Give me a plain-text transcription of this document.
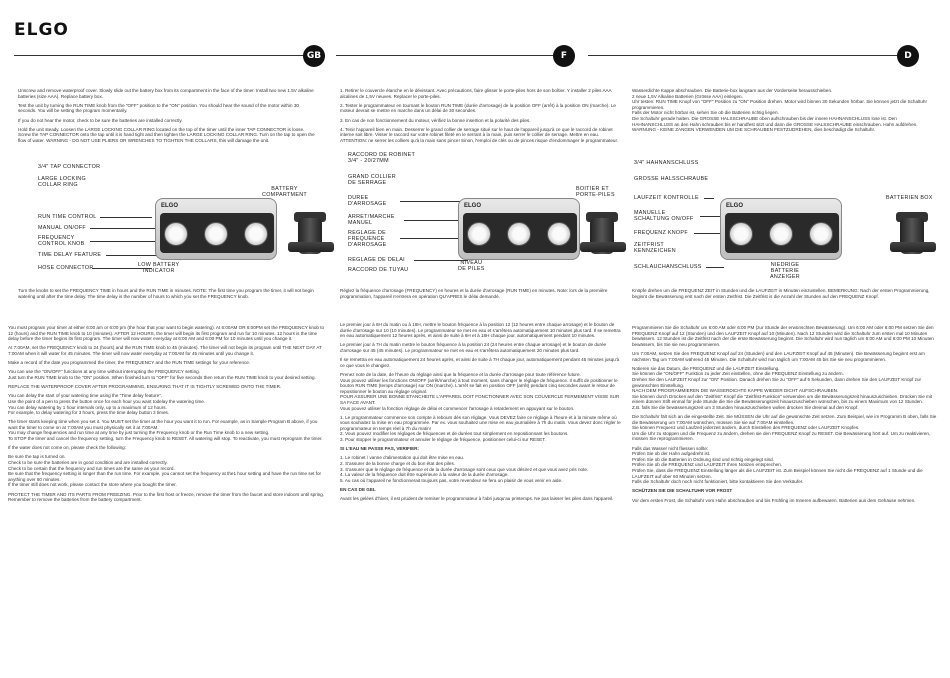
ELGO
GB	F	D

Unscrew and remove waterproof cover. Slowly slide out the battery box from its compartment in the face of the timer. Install two new 1.5V alkaline batteries (size AAA). Replace battery box.

Test the unit by turning the RUN TIME knob from the "OFF" position to the "ON" position. You should hear the sound of the motor within 30 seconds. You will be setting the program momentarily.

If you do not hear the motor, check to be sure the batteries are installed correctly.

Hold the unit steady. Loosen the LARGE LOCKING COLLAR RING located on the top of the timer until the inner TAP CONNECTOR is loose. Screw the TAP CONNECTOR onto the tap until it is hand tight and then tighten the LARGE LOCKING COLLAR RING. Turn on the tap to open the flow of water. WARNING - DO NOT USE PLIERS OR WRENCHES TO TIGHTEN THE COLLARS, this will damage the unit.

3/4" TAP CONNECTOR
LARGE LOCKING
COLLAR RING
BATTERY
COMPARTMENT
RUN TIME CONTROL
MANUAL ON/OFF
FREQUENCY
CONTROL KNOB
TIME DELAY FEATURE
HOSE CONNECTOR	LOW BATTERY
INDICATOR
ELGO
Turn the knobs to set the FREQUENCY TIME in hours and the RUN TIME in minutes. NOTE: The first time you program the timer, it will not begin watering until after the time delay. The time delay is the number of hours to which you set the FREQUENCY knob.

You must program your timer at either 6:00 am or 6:00 pm (the hour that your want to begin watering). At 6:00AM OR 6:00PM set the FREQUENCY knob to 12 (hours) and the RUN TIME knob to 10 (minutes). AFTER 12 HOURS, the timer will begin its first program and run for 10 minutes. 12 hours is the time delay before the timer begins its first program. The timer will now water everyday at 6:00 AM and 6:00 PM for 10 minutes until you change it.

At 7:00AM, set the FREQUENCY knob to 24 (hours) and the RUN TIME knob to 45 (minutes). The timer will not begin its program until THE NEXT DAY AT 7:00AM when it will water for 45 minutes. The timer will now water everyday at 7:00AM for 45 minutes until you change it.

Make a record of the date you programmed the timer, the FREQUENCY and the RUN TIME settings for your reference.

You can use the "ON/OFF" functions at any time without interrupting the FREQUENCY setting.
Just turn the RUN TIME knob to the "ON" position. When finished turn to "OFF" for five seconds then return the RUN TIME knob to your desired setting.

REPLACE THE WATERPROOF COVER AFTER PROGRAMMING, ENSURING THAT IT IS TIGHTLY SCREWED ONTO THE TIMER.

You can delay the start of your watering time using the "Time delay feature".
Use the point of a pen to press the button once for each hour you want todelay the watering time.
You can delay watering by 1 hour intervals only, up to a maximum of 12 hours.
For example, to delay watering for 3 hours, press the time delay button 3 times.

The timer starts keeping time when you set it. You MUST set the timer at the hour you want it to run. For example, as in Sample Program B above, if you want the timer to come on at 7:00AM you must physically set it at 7:00AM.
You may change frequencies and run time at any time by just turning the Frequency knob or the Run Time knob to a new setting.
To STOP the timer and cancel the frequency setting, turn the Frequency knob to RESET. All watering will stop. To reactivate, you must reprogram the timer.

If the water does not come on, please check the following:

Be sure the tap is turned on.
Check to be sure the batteries are in good condition and are installed correctly.
Check to be certain that the frequency and run times are the same as your record.
Be sure that the frequency setting is longer than the run time. For example, you cannot set the frequency at the1 hour setting and have the run time set for anything over 60 minutes.
If the timer still does not work, please contact the store where you bought the timer.

PROTECT THE TIMER AND ITS PARTS FROM FREEZING. Prior to the first frost or freeze, remove the timer from the faucet and store indoors until spring. Remember to remove the batteries from the battery compartment.

1. Retirer le couvercle étanche en le dévissant. Avec précautions, faire glisser le porte-piles hors de son boîtier. Y installer 2 piles AAA alcalines de 1,5V neuves. Replacer le porte-piles.

2. Tester le programmateur en tournant le bouton RUN TIME (durée d'arrosage) de la position OFF (arrêt) à la position ON (marche). Le moteur devrait se mettre en marche dans un délai de 30 secondes.

3. En cas de non fonctionnement du moteur, vérifiez la bonne insertion et la polarité des piles.

4. Tenir l'appareil bien en main. Desserrer le grand collier de serrage situé sur le haut de l'appareil jusqu'à ce que le raccord de robinet interne soit libre. Visser le raccord sur votre robinet fileté en le serrant à la main, puis serrer le collier de serrage. Mettre en eau. ATTENTION: ne serrer les colliers qu'à la main sans pince! Sinon, l'emploi de clés ou de pinces risque d'endommager le programmateur.

RACCORD DE ROBINET
3/4" - 20/27MM
GRAND COLLIER
DE SERRAGE
BOITIER ET
PORTE-PILES
DUREE
D'ARROSAGE
ARRET/MARCHE
MANUEL
REGLAGE DE
FREQUENCE
D'ARROSAGE
REGLAGE DE DELAI
RACCORD DE TUYAU
NIVEAU
DE PILES
ELGO
Réglez la fréquence d'arrosage (FREQUENCY) en heures et la durée d'arrosage (RUN TIME) en minutes. Note: lors de la première programmation, l'appareil n'entrera en opération QU'APRES le délai demandé.

Le premier jour à 6H du matin ou à 18H, mettre le bouton fréquence à la position 12 (12 heures entre chaque arrosage) et le bouton de durée d'arrosage sur 10 (10 minutes). Le programmateur se met en eau et s'arrêtera automatiquement 10 minutes plus tard. Il se remettra en eau automatiquement 12 heures après, et ainsi de suite à 6H et à 18H chaque jour, automatiquement pendant 10 minutes.

Le premier jour à 7H du matin mettre le bouton fréquence à la position 24 (24 heures entre chaque arrosage) et le bouton de durée d'arrosage sur 45 (45 minutes). Le programmateur se met en eau et s'arrêtera automatiquement 20 minutes plus tard.

Il se remettra en eau automatiquement 24 heures après, et ainsi de suite à 7H chaque jour, automatiquement pendant 45 minutes jusqu'à ce que vous le changiez.

Prenez note de la date, de l'heure du réglage ainsi que la fréquence et la durée d'arrosage pour toute référence future.
Vous pouvez utiliser les fonctions ON/OFF (arrêt/marche) à tout moment, sans changer le réglage de fréquence. Il suffit de positionner le bouton RUN TIME (temps d'arrosage) sur ON (marche). L'arrêt se fait en position OFF (arrêt) pendant cinq secondes avant le retour de repositionner le bouton au réglage original.
POUR ASSURER UNE BONNE ETANCHEITE L'APPAREIL DOIT FONCTIONNER AVEC SON COUVERCLE FERMEMENT VISSE SUR SA FACE AVANT.
Vous pouvez utiliser la fonction réglage de délai et commencer l'arrosage à retardement en appuyant sur le bouton.

1. Le programmateur commence son compte à rebours dès son réglage. Vous DEVEZ faire ce réglage à l'heure et à la minute même où vous souhaitez la mise en eau programmée. Par ex. vous souhaitez une mise en eau journalière à 7h du matin. Vous devez donc régler le programmateur en temps réel à 7h du matin!
2. Vous pouvez modifier les réglages de fréquences et de durées tout simplement en repositionnant les boutons.
3. Pour stopper le programmateur et annuler le réglage de fréquence, positionner celui-ci sur RESET.

SI L'EAU NE PASSE PAS, VERIFIER:

1. Le robinet / vanne d'alimentation qui doit être mise en eau.
2. S'assurer de la bonne charge et du bon état des piles.
3. S'assurer que le réglage de fréquence et de la durée d'arrosage sont ceux que vous désirez et que vous avez pris note.
4. La valeur de la fréquence doit être supérieure à la valeur de la durée d'arrosage.
5. Au cas où l'appareil ne fonctionnerait toujours pas, votre revendeur se fera un plaisir de vous venir en aide.

EN CAS DE GEL

Avant les gelées d'hiver, il est prudent de remiser le programmateur à l'abri jusqu'au printemps. Ne pas laisser les piles dans l'appareil.

Wasserdichte Kappe abschrauben. Die Batterie-box langsam aus der Vorderseite herausschieben.
2 neue 1,5V Alkaline Batterien (Grösse AAA) einlegen.
Uhr testen: RUN TIME Knopf von "OFF" Position zu "ON" Position drehen. Motor wird binnen 30 Sekunden hörbar. Sie können jetzt die Schaltuhr programmieren.
Falls der Motor nicht hörbar ist, sehen Sie ob die Batterien richtig liegen.
Die Schaltuhr gerade halten. Die GROSSE HALSSCHRAUBE oben aufschrauben bis der innere HAHNANSCHLUSS lose ist. Den HAHNANSCHLUSS an den Hahn schrauben bis er handfest sitzt und dann die GROSSE HALSSCHRAUBE einschrauben. Hahn aufdrehen. WARNUNG - KEINE ZANGEN VERWENDEN UM DIE SCHRAUBEN FESTZUDREHEN, dies beschädigt die Schaltuhr.

3/4" HAHNANSCHLUSS
GROSSE HALSSCHRAUBE
BATTERIEN BOX
LAUFZEIT KONTROLLE
MANUELLE
SCHALTUNG ON/OFF
FREQUENZ KNOPF
ZEITFRIST
KENNZEICHEN
SCHLAUCHANSCHLUSS	NIEDRIGE
BATTERIE
ANZEIGER
ELGO
Knöpfe drehen um die FREQUENZ ZEIT in Stunden und die LAUFZEIT in Minuten einzustellen. BEMERKUNG: Nach der ersten Programmierung, beginnt die Bewässerung erst nach der ersten Zeitfrist. Die Zeitfrist is die Anzahl der Stunden auf den FREQUENZ Knopf.

Programmieren Sie die Schaltuhr um 6:00 AM oder 6:00 PM (zur Stunde der erwünschten Bewässerung). Um 6:00 AM oder 6:00 PM setzen Sie den FREQUENZ Knopf auf 12 (Stunden) und den LAUFZEIT Knopf auf 10 (Minuten). Nach 12 Stunden wird die Schaltuhr zum ersten mal 10 Minuten bewässern. 12 Stunden ist die Zeitfrist nach der die erste Bewässerung beginnt. Die Schaltuhr wird nun täglich um 6:00 AM und 6:00 PM 10 Minuten bewässern, bis Sie sie neu programmieren.

Um 7:00AM, setzen Sie den FREQUENZ Knopf auf 24 (Stunden) und den LAUFZEIT Knopf auf 45 (Minuten). Die Bewässerung beginnt erst am nächsten Tag um 7:00AM während 45 Minuten. Die Schaltuhr wird nun täglich um 7:00AM 45 bis Sie sie neu programmieren.

Notieren sie das Datum, die FREQUENZ und die LAUFZEIT Einstellung.
Sie können die "ON/OFF" Funktion zu jeder Zeit einstellen, ohne die FREQUENZ Einstellung zu ändern.
Drehen Sie den LAUFZEIT Knopf zur "ON" Position. Danach drehen Sie zu "OFF" auf 5 Sekunden, dann drehen Sie den LAUFZEIT Knopf zur gewünschten Einstellung.
NACH DEM PROGRAMMIEREN DIE WASSERDICHTE KAPPE WIEDER DICHT AUFSCHRAUBEN.
Sie können durch Drücken auf den "Zeitfrist" Knopf die "Zeitfrist-Funktion" verwenden um die Bewässerungszeit hinauszuschieben. Drücken Sie mit einem dünnen Stift einmal für jede Stunde die Sie die Bewässerungszeit hinauszuschieben wünschen, bis zu einem Maximum von 12 Stunden.
Z.B. falls Sie die bewässerungszeit um 3 Stunden hinauszuschieben wollen drücken Sie dreimal auf den Knopf.

Die Schaltuhr fält sich an die eingestellte Zeit. Sie MÜSSEN die Uhr auf die gewünschte Zeit setzen. Zum Beispiel, wie im Programm B oben, falls Sie die Bewässerung um 7:00AM wünschen, müssen Sie sie auf 7:00AM einstellen.
Sie können Frequenz und Laufzeit jederzeit ändern, durch Einstellen des FREQUENZ oder LAUFZEIT Knopfes.
Um die Uhr zu stoppen und die Frequenz zu ändern, drehen sie den FREQUENZ Knopf zu RESET. Die Bewässerung hört auf. Um zu reaktivieren, müssen Sie reprogrammieren.

Falls das Wasser nicht fliessen sollte:
Prüfen Sie ob der Hahn aufgedreht ist.
Prüfen Sie ob die Batterien in Ordnung sind und richtig eingelegt sind.
Prüfen Sie ob die FREQUENZ und LAUFZEIT Ihren Notizen entsprechen.
Prüfen Sie, dass die FREQUENZ Einstellung länger als die LAUFZEIT ist. Zum Beispiel können Sie nicht die FREQUENZ auf 1 Stunde und die LAUFZEIT auf über 60 Minuten setzen.
Falls die Schaltuhr doch noch nicht funktioniert, bitte kontaktieren Sie den Verkäufer.

SCHÜTZEN SIE DIE SCHALTUHR VOR FROST

Vor dem ersten Frost, die Schaltuhr vom Hahn abschrauben und bis Frühling im Inneren aufbewaren. Batterien aus dem Gehäuse nehmen.
